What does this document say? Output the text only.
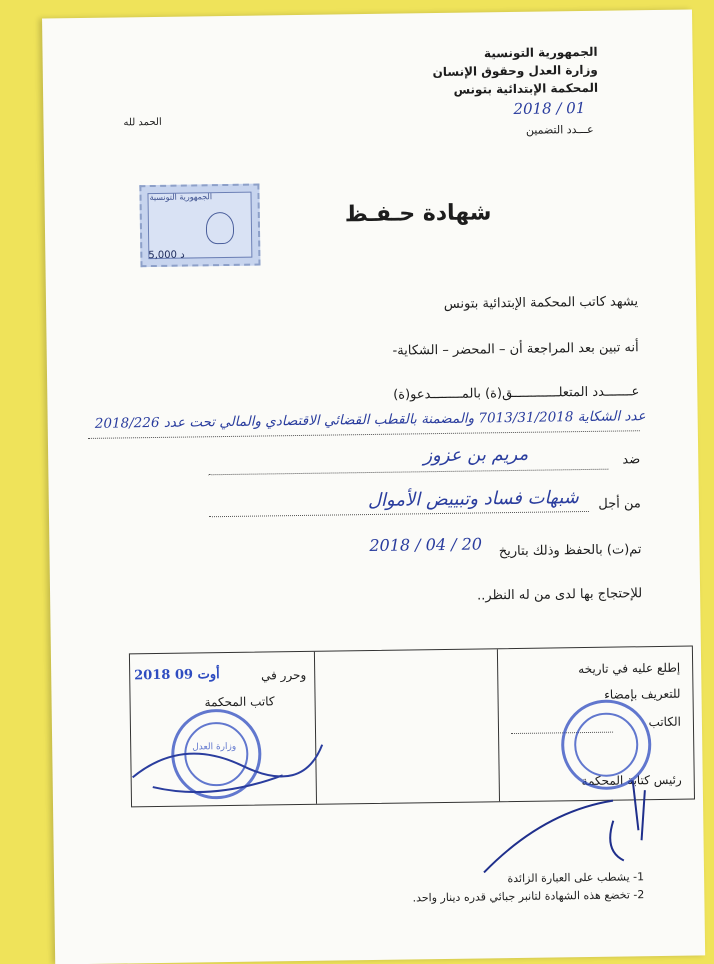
الجمهورية التونسية
وزارة العدل وحقوق الإنسان
المحكمة الإبتدائية بتونس
2018 / 01
عـــدد التضمين
الحمد لله
الجمهورية التونسية
د 5,000
شهادة حـفـظ
يشهد كاتب المحكمة الإبتدائية بتونس
أنه تبين بعد المراجعة أن – المحضر – الشكاية-
عـــــــدد المتعلــــــــــــق(ة) بالمــــــــدعو(ة)
عدد الشكاية 7013/31/2018 والمضمنة بالقطب القضائي الاقتصادي والمالي تحت عدد 2018/226
ضد
مريم بن عزوز
من أجل
شبهات فساد وتبييض الأموال
تم(ت) بالحفظ وذلك بتاريخ
2018 / 04 / 20
للإحتجاج بها لدى من له النظر..
وحرر في
2018 أوت 09
كاتب المحكمة
وزارة العدل
إطلع عليه في تاريخه
للتعريف بإمضاء
الكاتب
رئيس كتابة المحكمة
1- يشطب على العبارة الزائدة
2- تخضع هذه الشهادة لتانبر جبائي قدره دينار واحد.
